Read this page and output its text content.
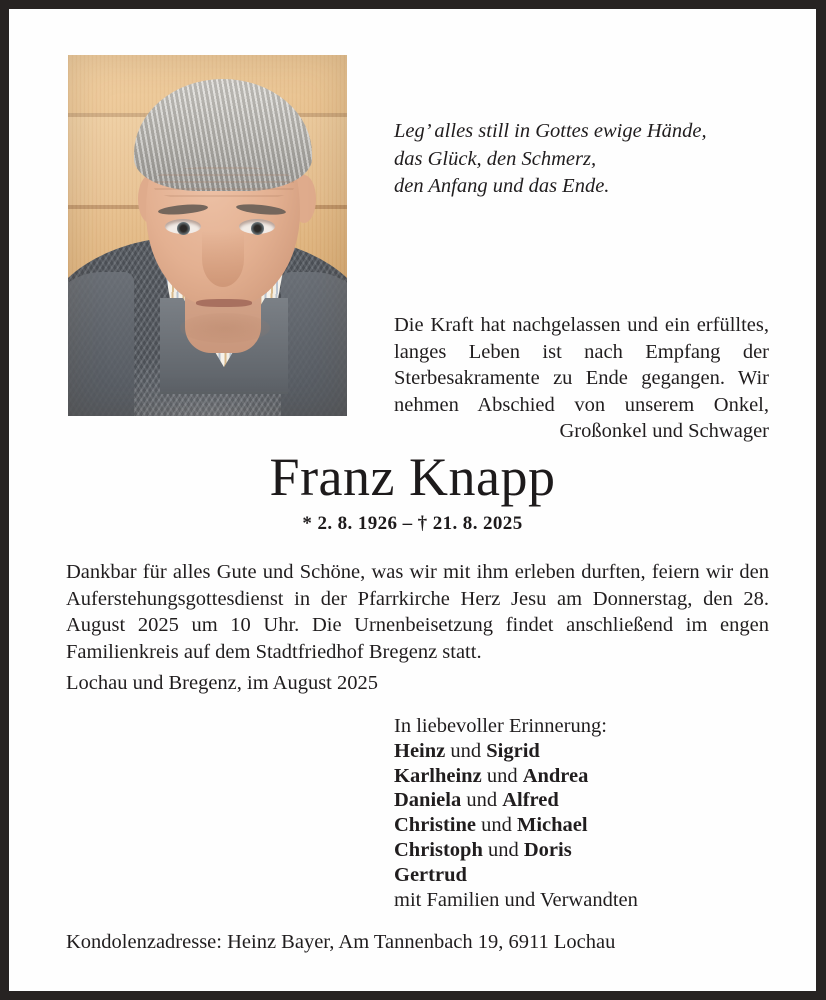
Leg’ alles still in Gottes ewige Hände,
das Glück, den Schmerz,
den Anfang und das Ende.
Die Kraft hat nachgelassen und ein erfülltes, langes Leben ist nach Empfang der Sterbesakramente zu Ende gegangen. Wir nehmen Abschied von unserem Onkel, Großonkel und Schwager
Franz Knapp
* 2. 8. 1926 – † 21. 8. 2025
Dankbar für alles Gute und Schöne, was wir mit ihm erleben durften, feiern wir den Auferstehungsgottesdienst in der Pfarrkirche Herz Jesu am Donnerstag, den 28. August 2025 um 10 Uhr. Die Urnenbeisetzung findet anschließend im engen Familienkreis auf dem Stadtfriedhof Bregenz statt.
Lochau und Bregenz, im August 2025
In liebevoller Erinnerung:
Heinz und Sigrid
Karlheinz und Andrea
Daniela und Alfred
Christine und Michael
Christoph und Doris
Gertrud
mit Familien und Verwandten
Kondolenzadresse: Heinz Bayer, Am Tannenbach 19, 6911 Lochau
